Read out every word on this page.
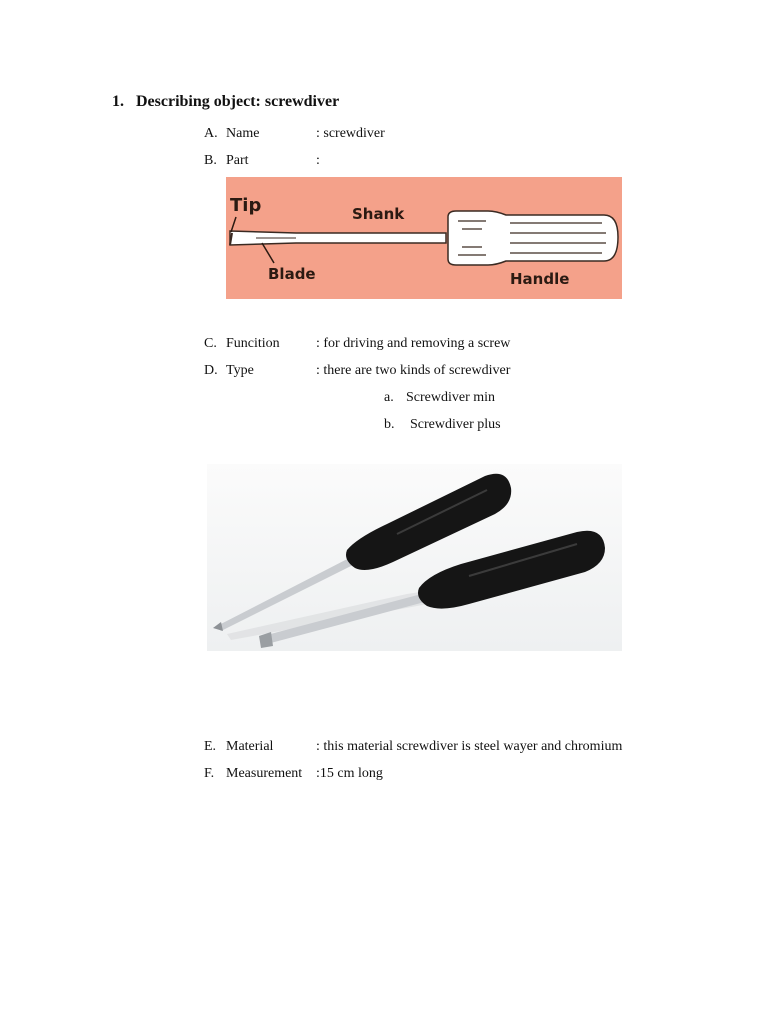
1. Describing object: screwdiver
A. Name	: screwdiver
B. Part	:
Tip	Shank
Blade	Handle
C. Funcition	: for driving and removing a screw
D. Type	: there are two kinds of screwdiver
a. Screwdiver min
b. Screwdiver plus
E. Material	: this material screwdiver is steel wayer and chromium
F. Measurement :15 cm long
